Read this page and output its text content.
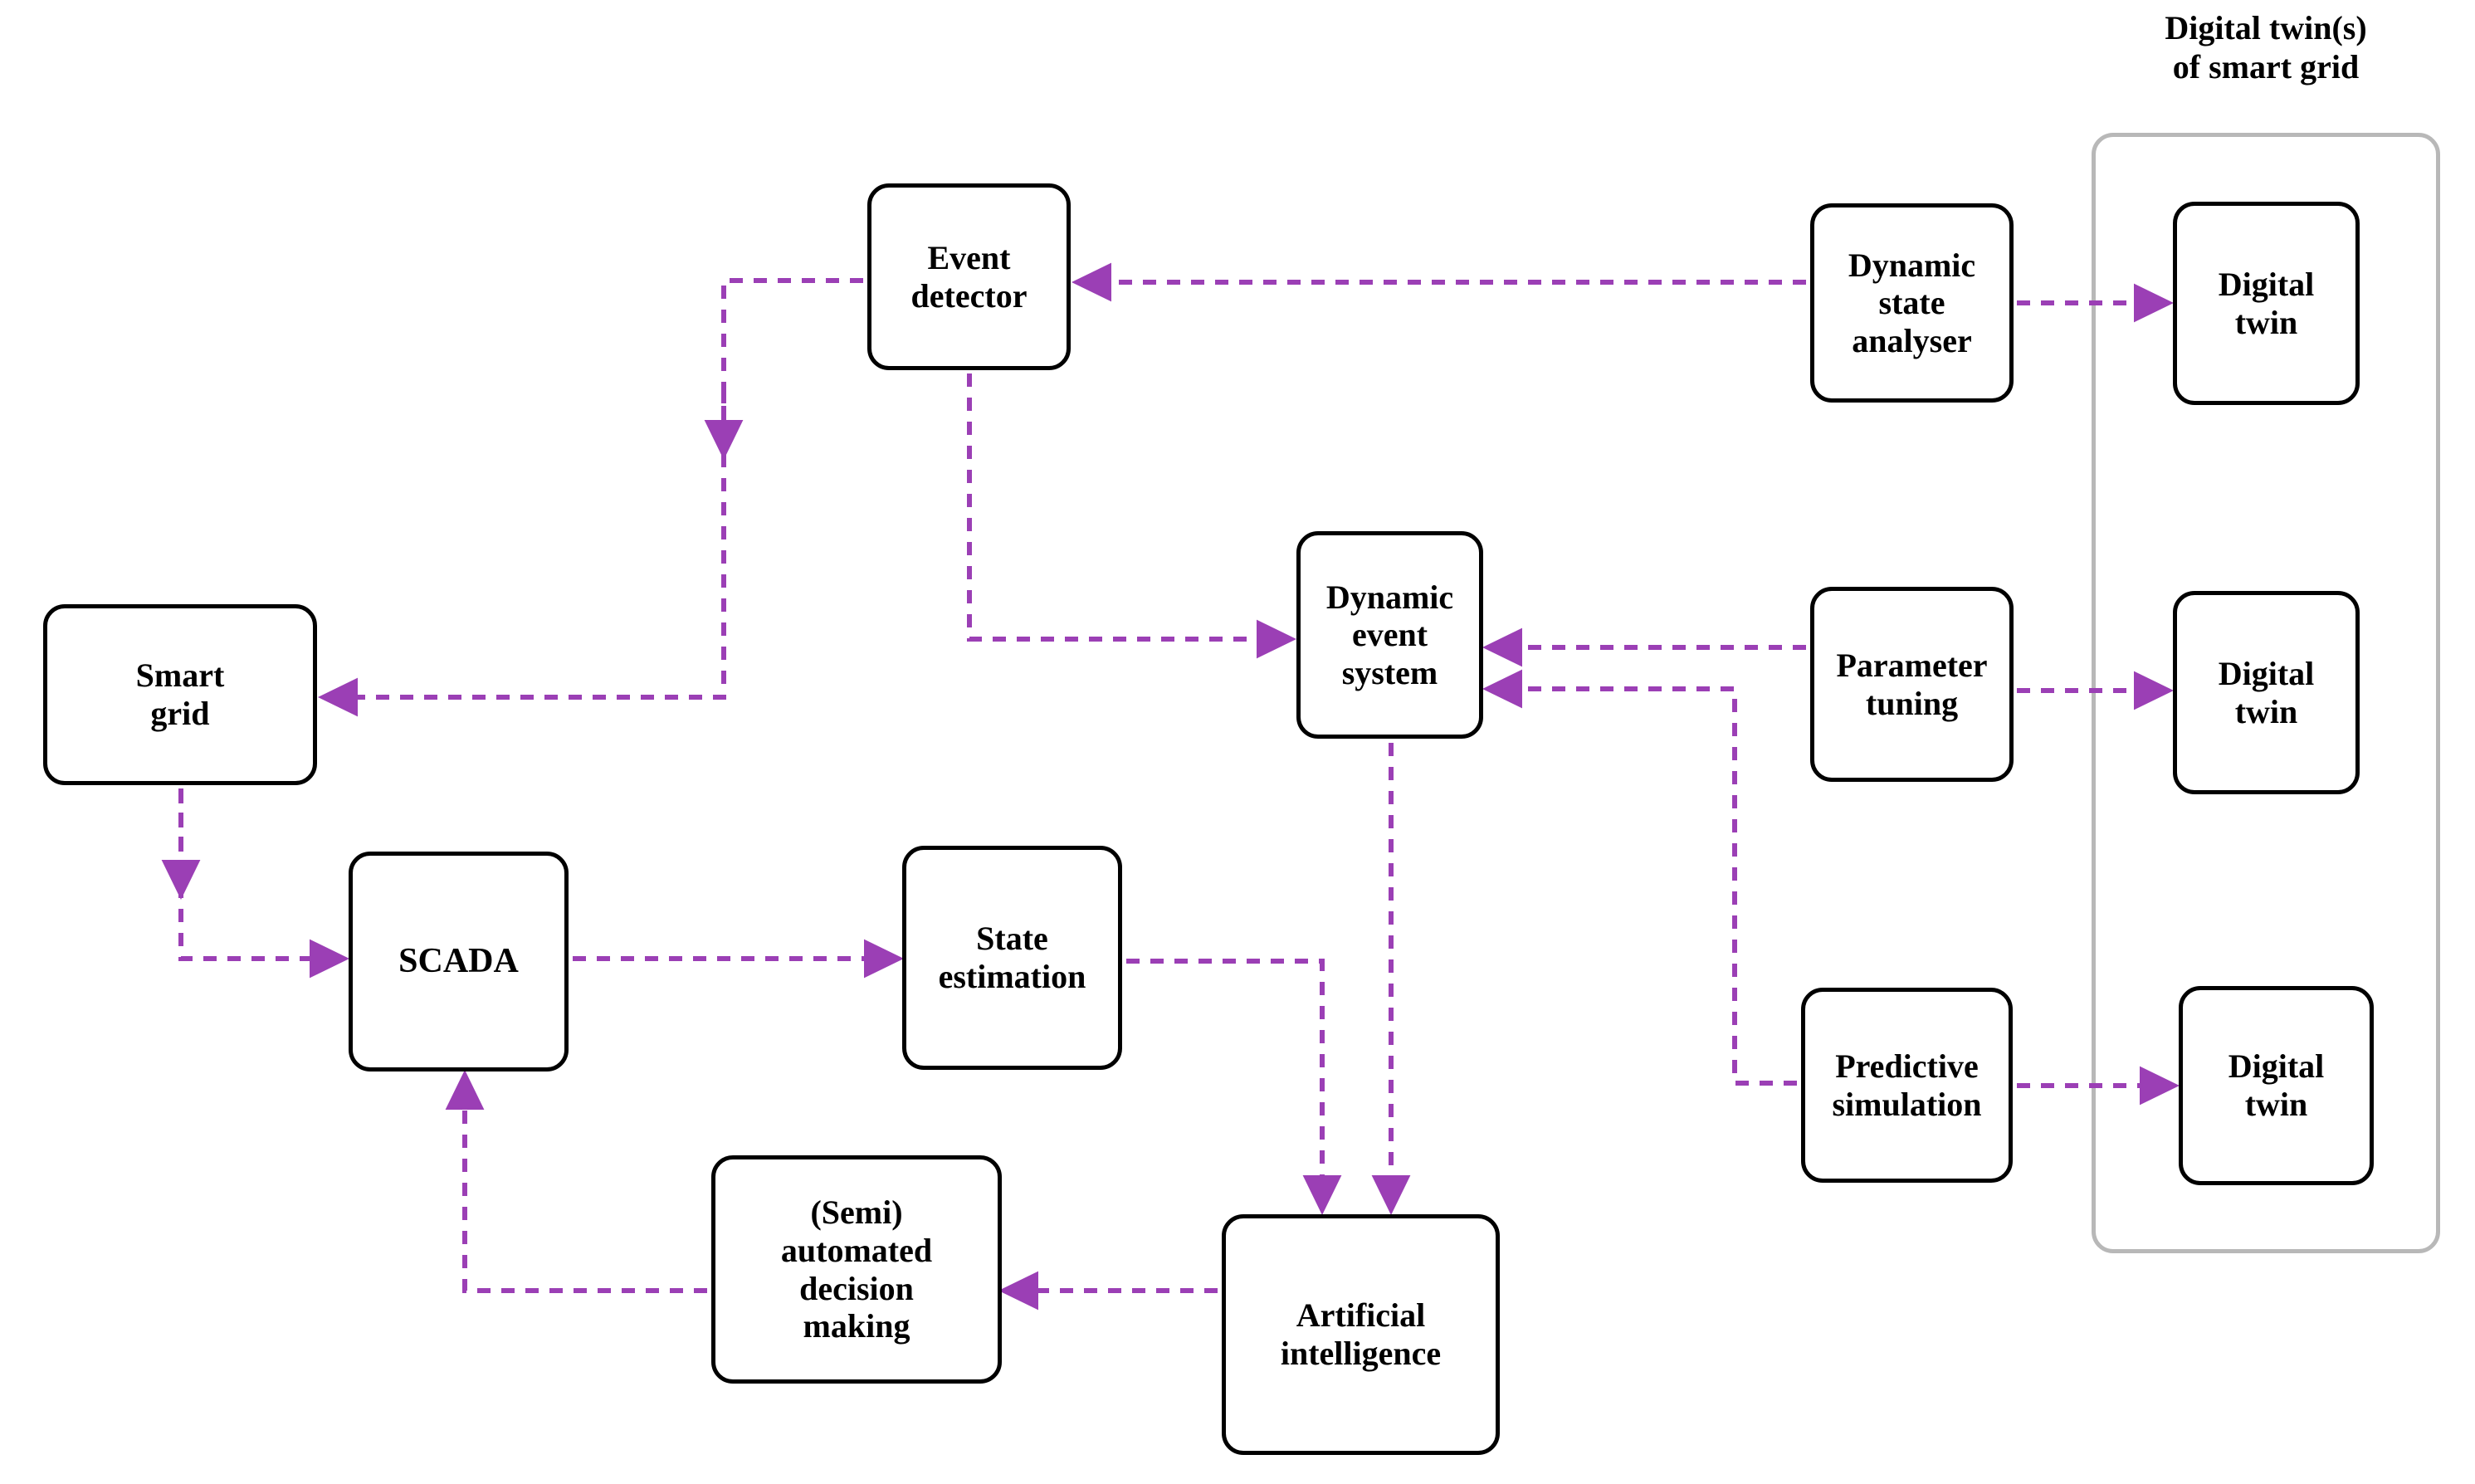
Digital twin(s)
of smart grid
Event
detector
Dynamic
state
analyser
Digital
twin
Dynamic
event
system	Parameter
tuning
Digital
twin
Smart
grid
SCADA
State
estimation
Predictive
simulation
Digital
twin
(Semi)
automated
decision
making	Artificial
intelligence
